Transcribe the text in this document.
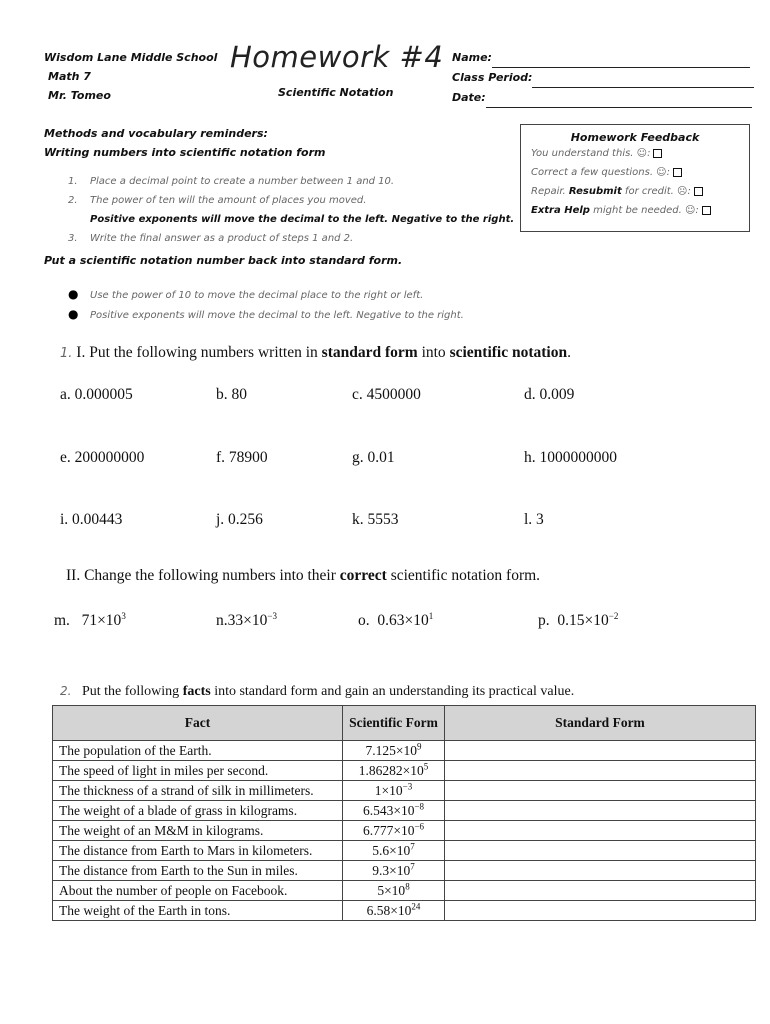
Wisdom Lane Middle School
Math 7
Mr. Tomeo
Homework #4
Scientific Notation
Name:
Class Period:
Date:
Homework Feedback
You understand this. ☺:
Correct a few questions. ☺:
Repair. Resubmit for credit. ☹:
Extra Help might be needed. ☺:
Methods and vocabulary reminders:
Writing numbers into scientific notation form
1. Place a decimal point to create a number between 1 and 10.
2. The power of ten will the amount of places you moved.
Positive exponents will move the decimal to the left. Negative to the right.
3. Write the final answer as a product of steps 1 and 2.
Put a scientific notation number back into standard form.
● Use the power of 10 to move the decimal place to the right or left.
● Positive exponents will move the decimal to the left. Negative to the right.
1. I. Put the following numbers written in standard form into scientific notation.
a. 0.000005	b. 80	c. 4500000	d. 0.009
e. 200000000	f. 78900	g. 0.01	h. 1000000000
i. 0.00443	j. 0.256	k. 5553	l. 3
II. Change the following numbers into their correct scientific notation form.
m. $71\times 10^3$	$n.33\times 10^{-3}$	o. $0.63\times 10^1$	p. $0.15\times 10^{-2}$
2. Put the following facts into standard form and gain an understanding its practical value.
Fact	Scientific Form	Standard Form
The population of the Earth.	$7.125\times 10^9$	
The speed of light in miles per second.	$1.86282\times 10^5$	
The thickness of a strand of silk in millimeters.	$1\times 10^{-3}$	
The weight of a blade of grass in kilograms.	$6.543\times 10^{-8}$	
The weight of an M&M in kilograms.	$6.777\times 10^{-6}$	
The distance from Earth to Mars in kilometers.	$5.6\times 10^7$	
The distance from Earth to the Sun in miles.	$9.3\times 10^7$	
About the number of people on Facebook.	$5\times 10^8$	
The weight of the Earth in tons.	$6.58\times 10^{24}$	
